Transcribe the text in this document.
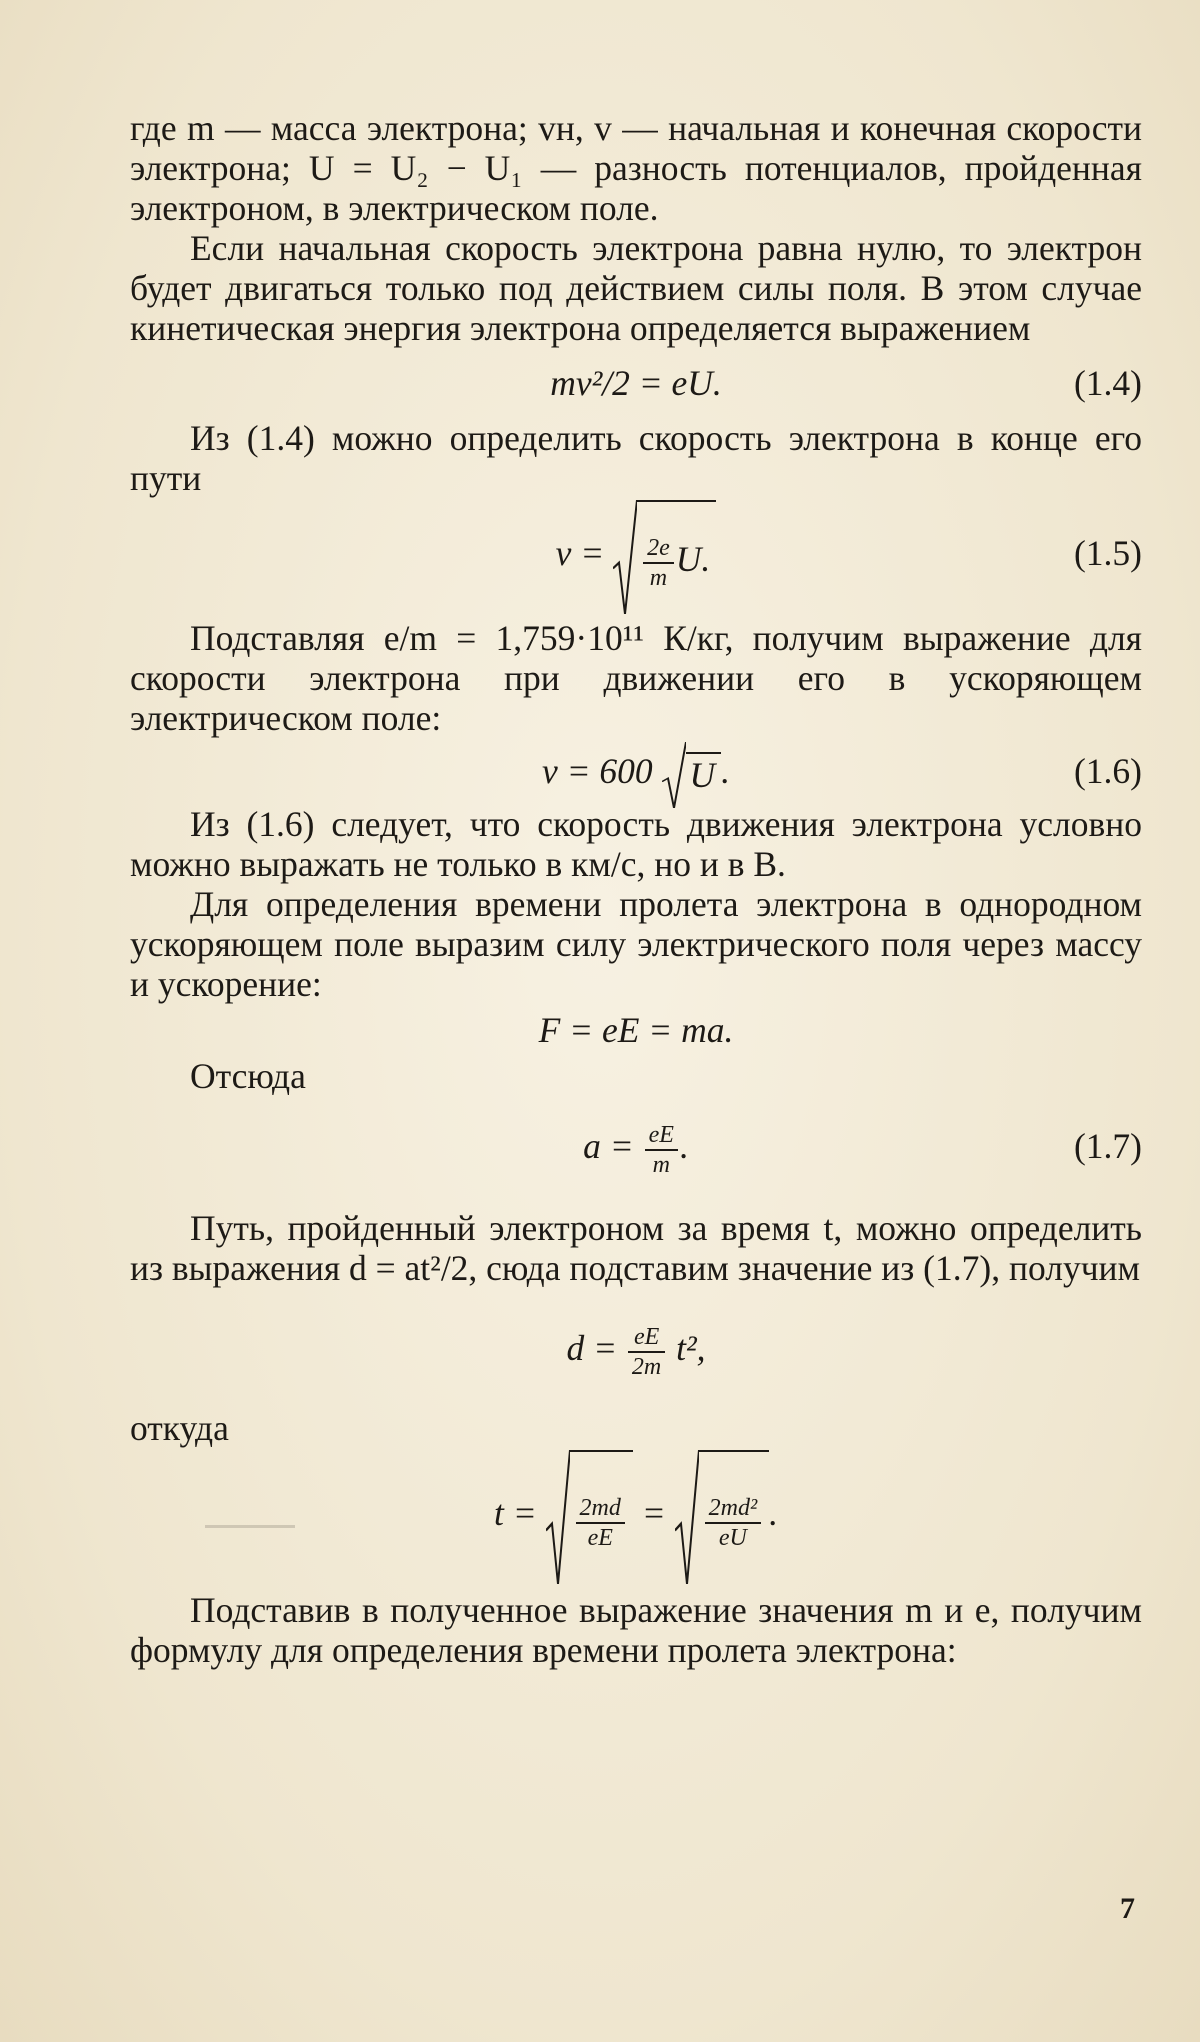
где m — масса электрона; vн, v — начальная и конечная скорости электрона; U = U₂ − U₁ — разность потенциалов, пройденная электроном, в электрическом поле.

Если начальная скорость электрона равна нулю, то электрон будет двигаться только под действием силы поля. В этом случае кинетическая энергия электрона определяется выражением

mv²/2 = eU.	(1.4)

Из (1.4) можно определить скорость электрона в конце его пути

$v = \frac{2e}{m} U$.	(1.5)

Подставляя e/m = 1,759·10¹¹ К/кг, получим выражение для скорости электрона при движении его в ускоряющем электрическом поле:

v = 600 U .	(1.6)

Из (1.6) следует, что скорость движения электрона условно можно выражать не только в км/с, но и в В.

Для определения времени пролета электрона в однородном ускоряющем поле выразим силу электрического поля через массу и ускорение:

F = eE = ma.

Отсюда

$a = \frac{eE}{m}$ .	(1.7)

Путь, пройденный электроном за время t, можно определить из выражения d = at²/2, сюда подставим значение из (1.7), получим

$d = \frac{eE}{2m} t^2$,

откуда

$t = \frac{2md}{eE} = \frac{\text{2md²}}{eU}$ .

Подставив в полученное выражение значения m и e, получим формулу для определения времени пролета электрона:

7
